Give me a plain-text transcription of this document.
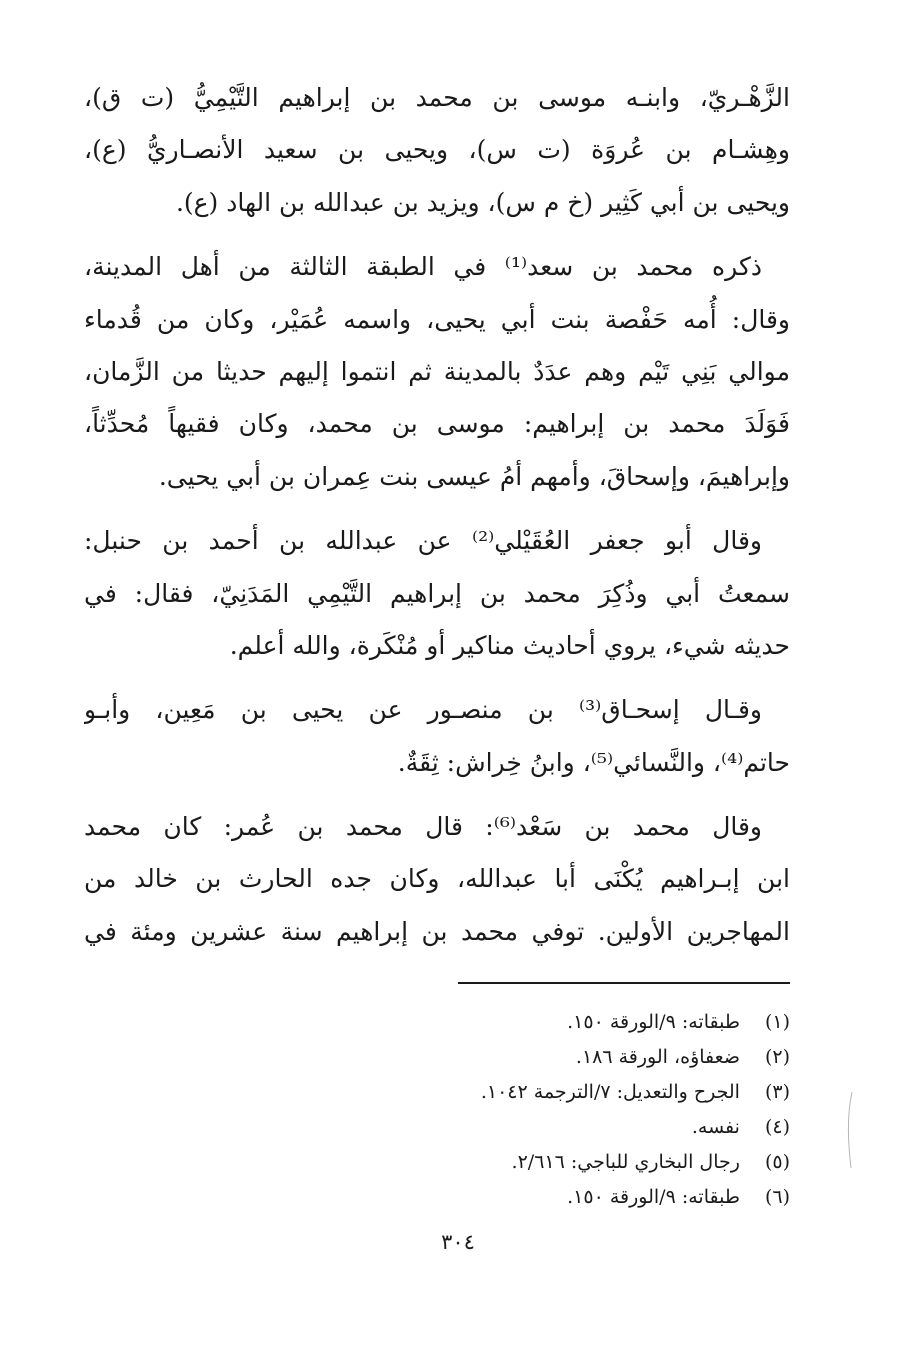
الزَّهْـريّ، وابنـه موسى بن محمد بن إبراهيم التَّيْمِيُّ (ت ق)،
وهِشـام بن عُروَة (ت س)، ويحيى بن سعيد الأنصـاريُّ (ع)،
ويحيى بن أبي كَثِير (خ م س)، ويزيد بن عبدالله بن الهاد (ع).
ذكره محمد بن سعد⁽¹⁾ في الطبقة الثالثة من أهل المدينة،
وقال: أُمه حَفْصة بنت أبي يحيى، واسمه عُمَيْر، وكان من قُدماء
موالي بَنِي تَيْم وهم عدَدٌ بالمدينة ثم انتموا إليهم حديثا من الزَّمان،
فَوَلَدَ محمد بن إبراهيم: موسى بن محمد، وكان فقيهاً مُحدِّثاً،
وإبراهيمَ، وإسحاقَ، وأمهم أمُ عيسى بنت عِمران بن أبي يحيى.
وقال أبو جعفر العُقَيْلي⁽²⁾ عن عبدالله بن أحمد بن حنبل:
سمعتُ أبي وذُكِرَ محمد بن إبراهيم التَّيْمِي المَدَنِيّ، فقال: في
حديثه شيء، يروي أحاديث مناكير أو مُنْكَرة، والله أعلم.
وقـال إسحـاق⁽³⁾ بن منصـور عن يحيى بن مَعِين، وأبـو
حاتم⁽⁴⁾، والنَّسائي⁽⁵⁾، وابنُ خِراش: ثِقَةٌ.
وقال محمد بن سَعْد⁽⁶⁾: قال محمد بن عُمر: كان محمد
ابن إبـراهيم يُكْنَى أبا عبدالله، وكان جده الحارث بن خالد من
المهاجرين الأولين. توفي محمد بن إبراهيم سنة عشرين ومئة في
(١) طبقاته: ٩/الورقة ١٥٠.
(٢) ضعفاؤه، الورقة ١٨٦.
(٣) الجرح والتعديل: ٧/الترجمة ١٠٤٢.
(٤) نفسه.
(٥) رجال البخاري للباجي: ٢/٦١٦.
(٦) طبقاته: ٩/الورقة ١٥٠.
٣٠٤
